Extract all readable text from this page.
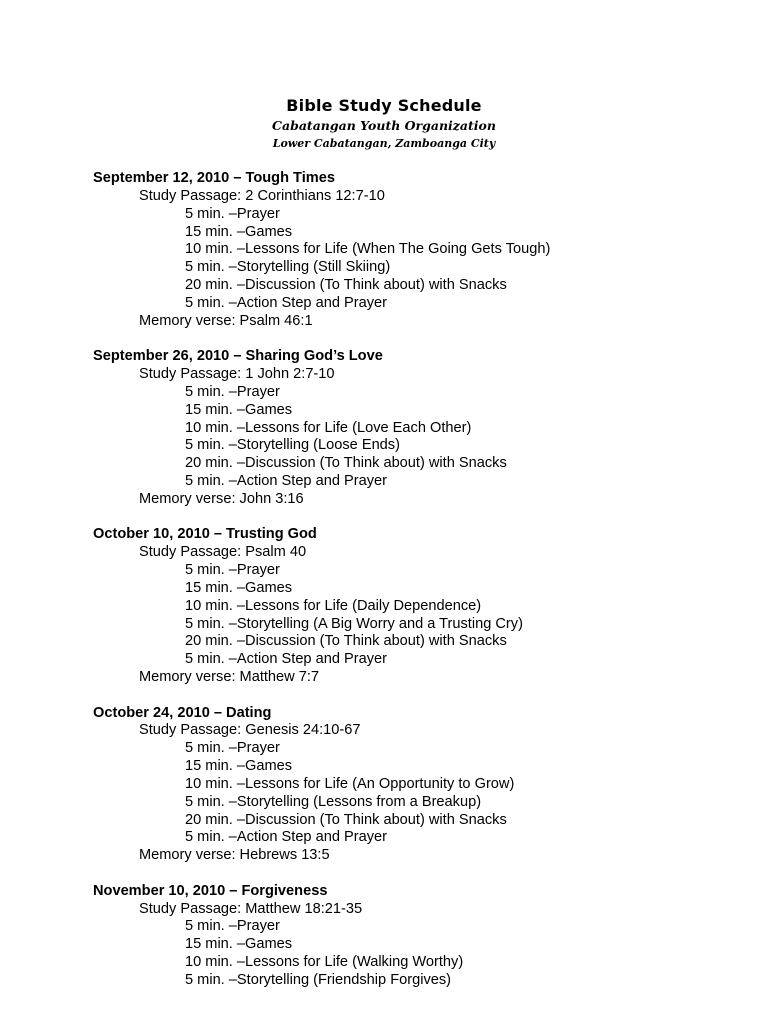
Bible Study Schedule
Cabatangan Youth Organization
Lower Cabatangan, Zamboanga City
September 12, 2010 – Tough Times
Study Passage: 2 Corinthians 12:7-10
5 min. –Prayer
15 min. –Games
10 min. –Lessons for Life (When The Going Gets Tough)
5 min. –Storytelling (Still Skiing)
20 min. –Discussion (To Think about) with Snacks
5 min. –Action Step and Prayer
Memory verse: Psalm 46:1
September 26, 2010 – Sharing God’s Love
Study Passage: 1 John 2:7-10
5 min. –Prayer
15 min. –Games
10 min. –Lessons for Life (Love Each Other)
5 min. –Storytelling (Loose Ends)
20 min. –Discussion (To Think about) with Snacks
5 min. –Action Step and Prayer
Memory verse: John 3:16
October 10, 2010 – Trusting God
Study Passage: Psalm 40
5 min. –Prayer
15 min. –Games
10 min. –Lessons for Life (Daily Dependence)
5 min. –Storytelling (A Big Worry and a Trusting Cry)
20 min. –Discussion (To Think about) with Snacks
5 min. –Action Step and Prayer
Memory verse: Matthew 7:7
October 24, 2010 – Dating
Study Passage: Genesis 24:10-67
5 min. –Prayer
15 min. –Games
10 min. –Lessons for Life (An Opportunity to Grow)
5 min. –Storytelling (Lessons from a Breakup)
20 min. –Discussion (To Think about) with Snacks
5 min. –Action Step and Prayer
Memory verse: Hebrews 13:5
November 10, 2010 – Forgiveness
Study Passage: Matthew 18:21-35
5 min. –Prayer
15 min. –Games
10 min. –Lessons for Life (Walking Worthy)
5 min. –Storytelling (Friendship Forgives)
